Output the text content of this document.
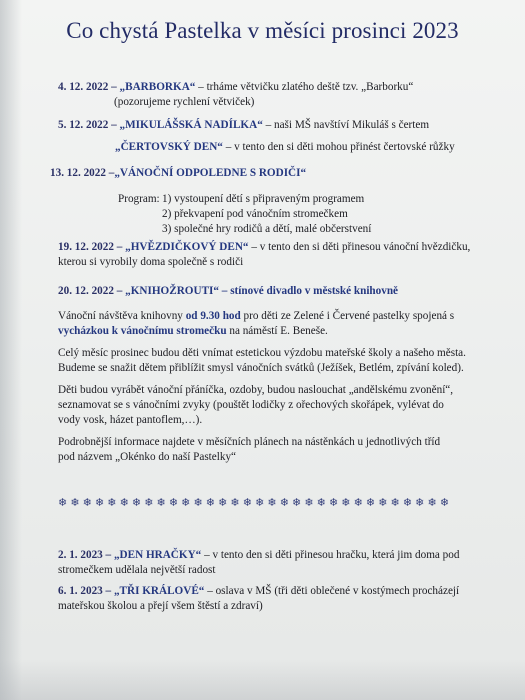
Co chystá Pastelka v měsíci prosinci 2023
4. 12. 2022 – „BARBORKA“ – trháme větvičku zlatého deště tzv. „Barborku“
(pozorujeme rychlení větviček)
5. 12. 2022 – „MIKULÁŠSKÁ NADÍLKA“ – naši MŠ navštíví Mikuláš s čertem
„ČERTOVSKÝ DEN“ – v tento den si děti mohou přinést čertovské růžky
13. 12. 2022 –„VÁNOČNÍ ODPOLEDNE S RODIČI“
Program: 1) vystoupení dětí s připraveným programem
2) překvapení pod vánočním stromečkem
3) společné hry rodičů a dětí, malé občerstvení
19. 12. 2022 – „HVĚZDIČKOVÝ DEN“ – v tento den si děti přinesou vánoční hvězdičku,
kterou si vyrobily doma společně s rodiči
20. 12. 2022 – „KNIHOŽROUTI“ – stínové divadlo v městské knihovně

Vánoční návštěva knihovny od 9.30 hod pro děti ze Zelené i Červené pastelky spojená s vycházkou k vánočnímu stromečku na náměstí E. Beneše.

Celý měsíc prosinec budou děti vnímat estetickou výzdobu mateřské školy a našeho města. Budeme se snažit dětem přiblížit smysl vánočních svátků (Ježíšek, Betlém, zpívání koled).

Děti budou vyrábět vánoční přáníčka, ozdoby, budou naslouchat „andělskému zvonění“, seznamovat se s vánočními zvyky (pouštět lodičky z ořechových skořápek, vylévat do vody vosk, házet pantoflem,…).

Podrobnější informace najdete v měsíčních plánech na nástěnkách u jednotlivých tříd pod názvem „Okénko do naší Pastelky“

❄❄❄❄❄❄❄❄❄❄❄❄❄❄❄❄❄❄❄❄❄❄❄❄❄❄❄❄❄❄❄❄
2. 1. 2023 – „DEN HRAČKY“ – v tento den si děti přinesou hračku, která jim doma pod
stromečkem udělala největší radost
6. 1. 2023 – „TŘI KRÁLOVÉ“ – oslava v MŠ (tři děti oblečené v kostýmech procházejí
mateřskou školou a přejí všem štěstí a zdraví)
